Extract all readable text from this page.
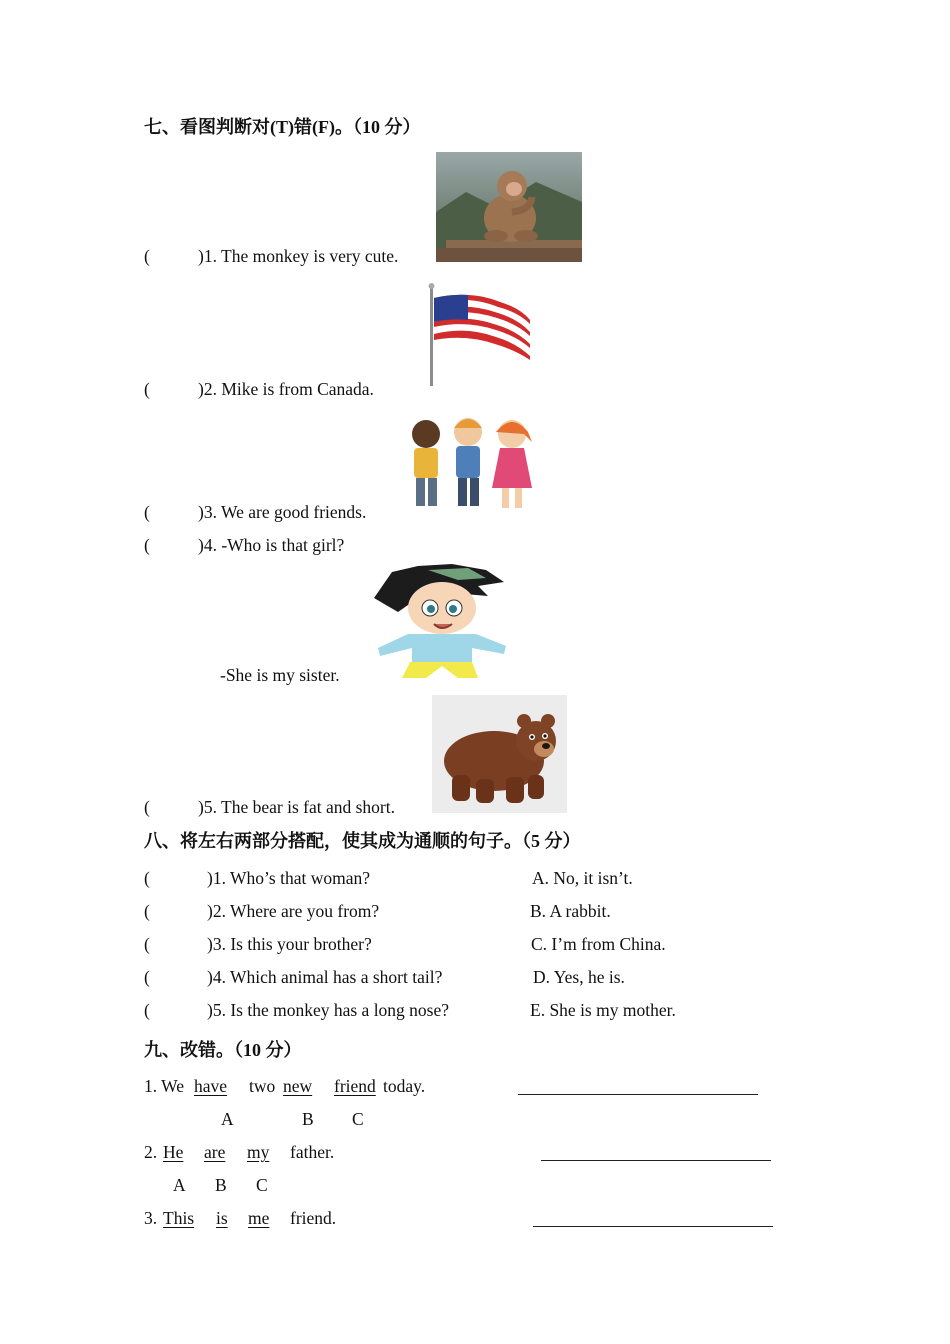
七、看图判断对(T)错(F)。（10 分）
(	)1. The monkey is very cute.
(	)2. Mike is from Canada.
(	)3. We are good friends.
(	)4. -Who is that girl?
-She is my sister.
(	)5. The bear is fat and short.
八、将左右两部分搭配，使其成为通顺的句子。（5 分）
(	)1. Who’s that woman?	A. No, it isn’t.
(	)2. Where are you from?	B. A rabbit.
(	)3. Is this your brother?	C. I’m from China.
(	)4. Which animal has a short tail?	D. Yes, he is.
(	)5. Is the monkey has a long nose?	E. She is my mother.
九、改错。（10 分）
1. We have two new friend today.
A	B C
2. He are my father.
A B C
3. This is me friend.
